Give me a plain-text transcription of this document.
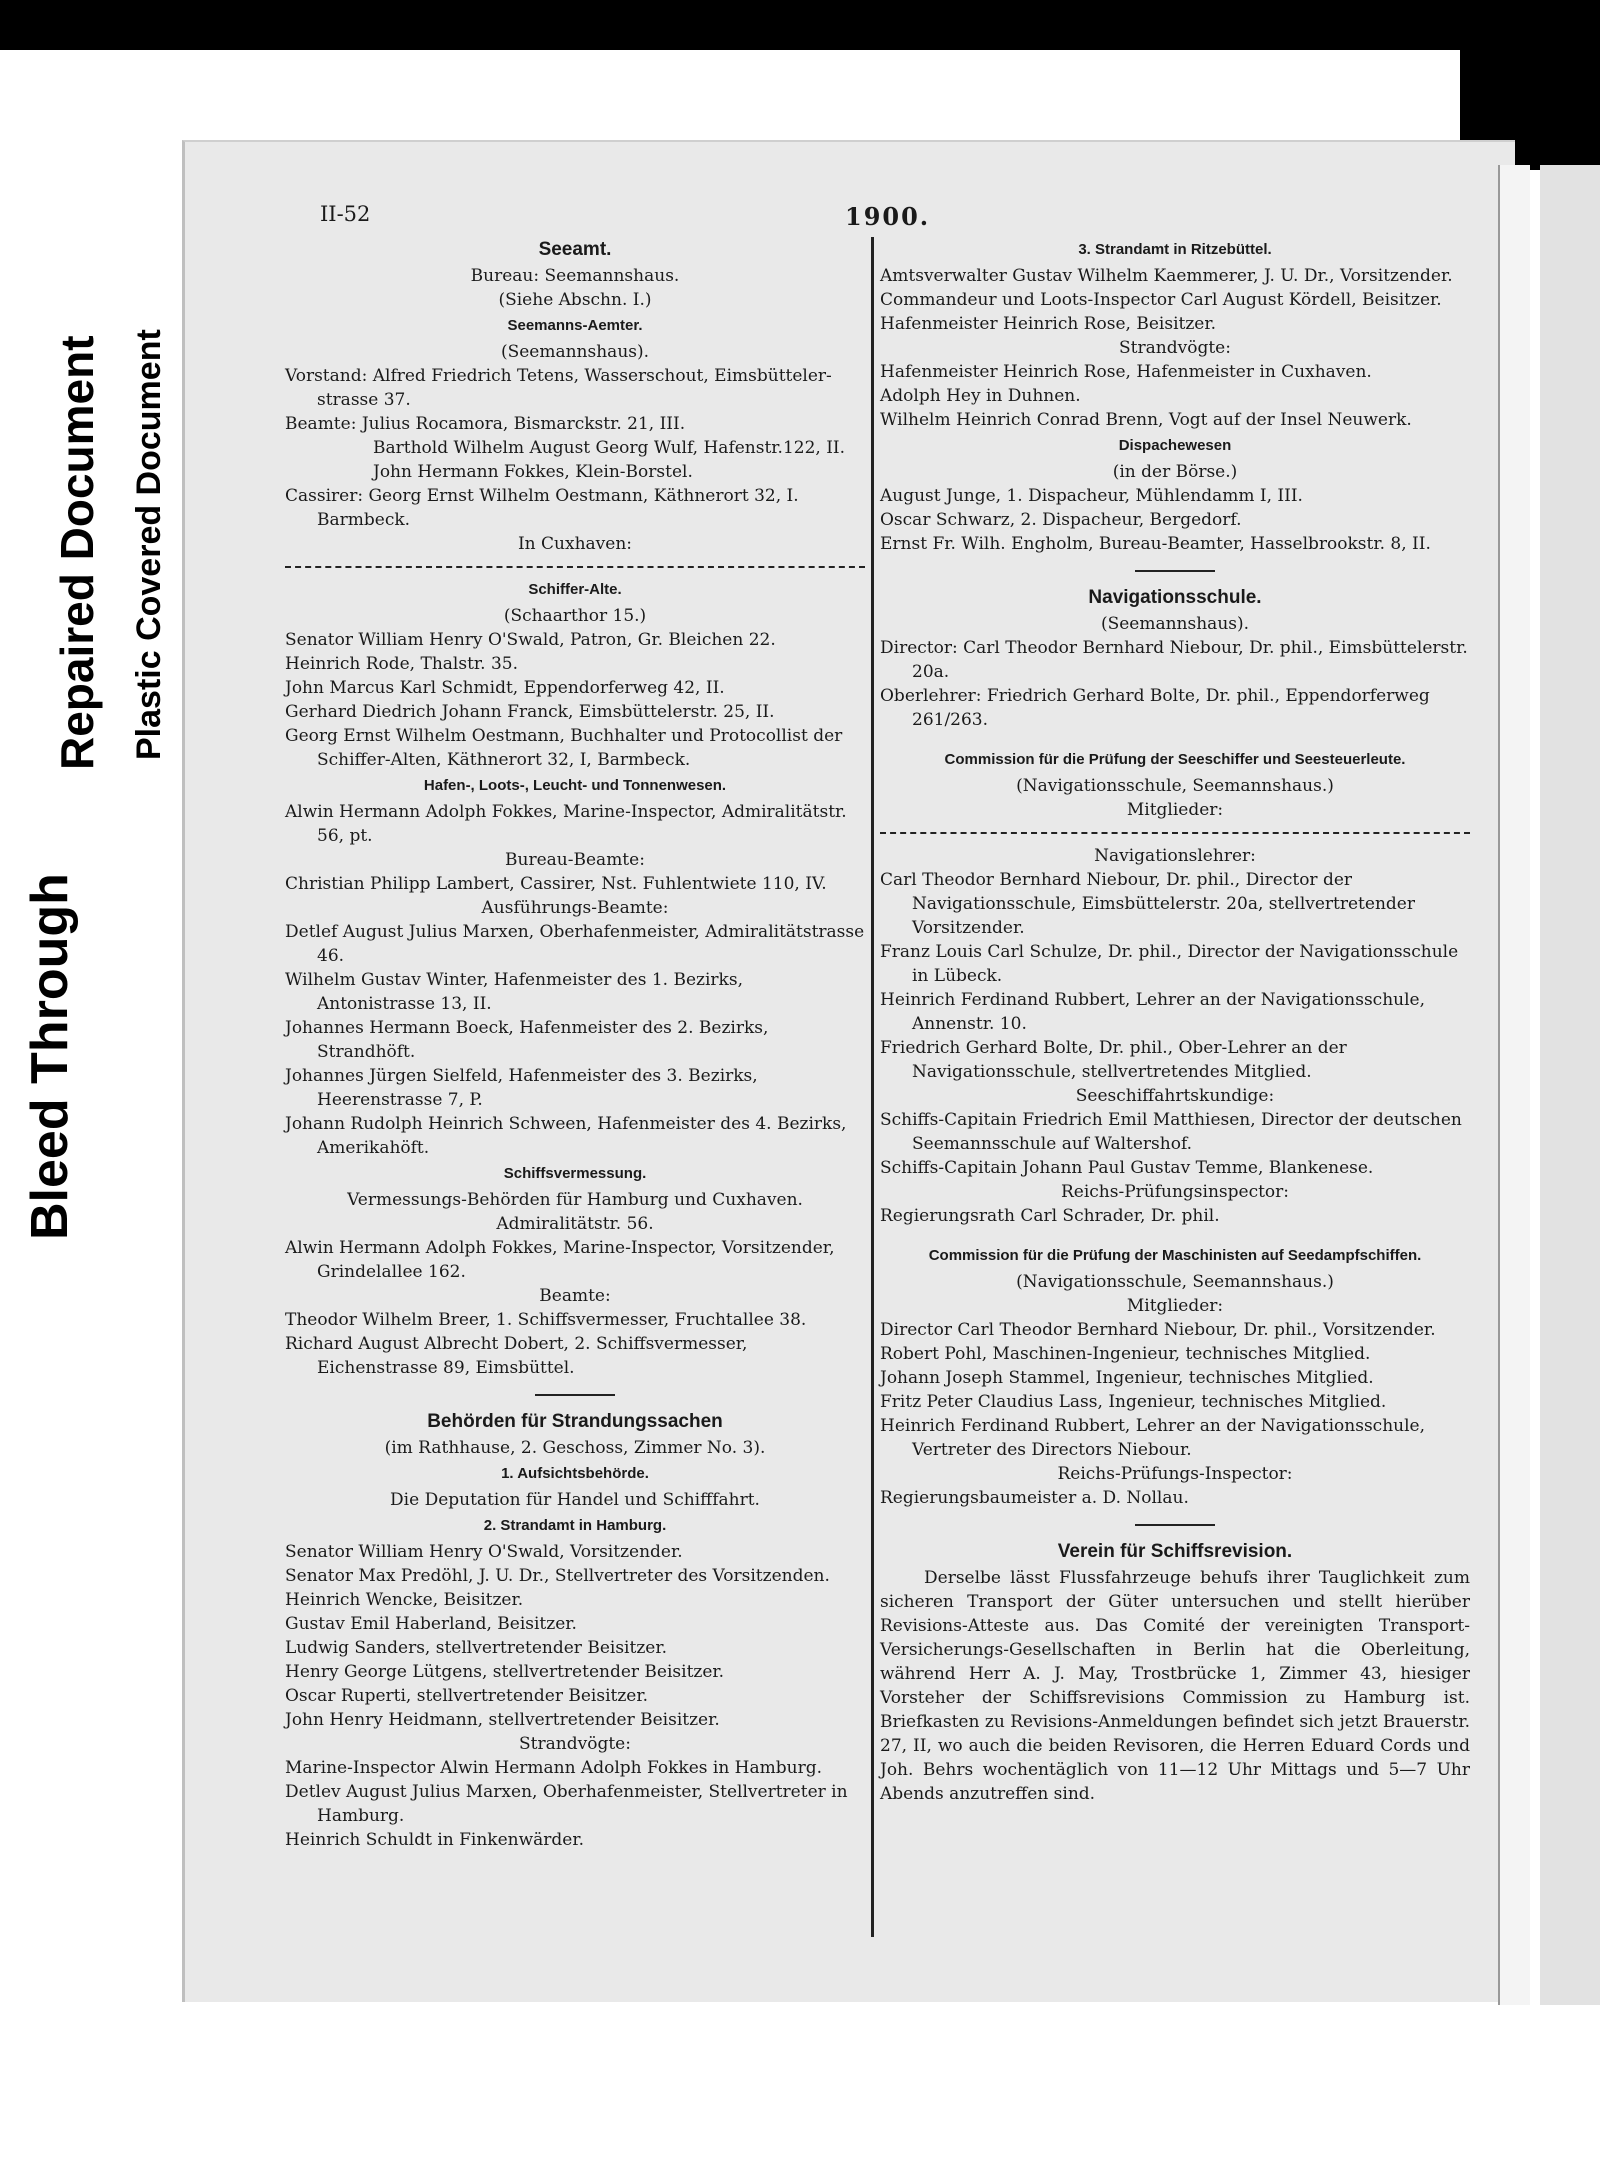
Bleed Through
Repaired Document Plastic Covered Document
II-52	1900.
Seeamt.
Bureau: Seemannshaus.
(Siehe Abschn. I.)
Seemanns-Aemter.
(Seemannshaus).
Vorstand: Alfred Friedrich Tetens, Wasserschout, Eimsbütteler-strasse 37.
Beamte: Julius Rocamora, Bismarckstr. 21, III.
Barthold Wilhelm August Georg Wulf, Hafenstr.122, II.
John Hermann Fokkes, Klein-Borstel.
Cassirer: Georg Ernst Wilhelm Oestmann, Käthnerort 32, I. Barmbeck.
In Cuxhaven:
Schiffer-Alte.
(Schaarthor 15.)
Senator William Henry O'Swald, Patron, Gr. Bleichen 22.
Heinrich Rode, Thalstr. 35.
John Marcus Karl Schmidt, Eppendorferweg 42, II.
Gerhard Diedrich Johann Franck, Eimsbüttelerstr. 25, II.
Georg Ernst Wilhelm Oestmann, Buchhalter und Protocollist der Schiffer-Alten, Käthnerort 32, I, Barmbeck.
Hafen-, Loots-, Leucht- und Tonnenwesen.
Alwin Hermann Adolph Fokkes, Marine-Inspector, Admiralitätstr. 56, pt.
Bureau-Beamte:
Christian Philipp Lambert, Cassirer, Nst. Fuhlentwiete 110, IV.
Ausführungs-Beamte:
Detlef August Julius Marxen, Oberhafenmeister, Admiralitätstrasse 46.
Wilhelm Gustav Winter, Hafenmeister des 1. Bezirks, Antonistrasse 13, II.
Johannes Hermann Boeck, Hafenmeister des 2. Bezirks, Strandhöft.
Johannes Jürgen Sielfeld, Hafenmeister des 3. Bezirks, Heerenstrasse 7, P.
Johann Rudolph Heinrich Schween, Hafenmeister des 4. Bezirks, Amerikahöft.
Schiffsvermessung.
Vermessungs-Behörden für Hamburg und Cuxhaven.
Admiralitätstr. 56.
Alwin Hermann Adolph Fokkes, Marine-Inspector, Vorsitzender, Grindelallee 162.
Beamte:
Theodor Wilhelm Breer, 1. Schiffsvermesser, Fruchtallee 38.
Richard August Albrecht Dobert, 2. Schiffsvermesser, Eichenstrasse 89, Eimsbüttel.
Behörden für Strandungssachen
(im Rathhause, 2. Geschoss, Zimmer No. 3).
1. Aufsichtsbehörde.
Die Deputation für Handel und Schifffahrt.
2. Strandamt in Hamburg.
Senator William Henry O'Swald, Vorsitzender.
Senator Max Predöhl, J. U. Dr., Stellvertreter des Vorsitzenden.
Heinrich Wencke, Beisitzer.
Gustav Emil Haberland, Beisitzer.
Ludwig Sanders, stellvertretender Beisitzer.
Henry George Lütgens, stellvertretender Beisitzer.
Oscar Ruperti, stellvertretender Beisitzer.
John Henry Heidmann, stellvertretender Beisitzer.
Strandvögte:
Marine-Inspector Alwin Hermann Adolph Fokkes in Hamburg.
Detlev August Julius Marxen, Oberhafenmeister, Stellvertreter in Hamburg.
Heinrich Schuldt in Finkenwärder.
3. Strandamt in Ritzebüttel.
Amtsverwalter Gustav Wilhelm Kaemmerer, J. U. Dr., Vorsitzender.
Commandeur und Loots-Inspector Carl August Kördell, Beisitzer.
Hafenmeister Heinrich Rose, Beisitzer.
Strandvögte:
Hafenmeister Heinrich Rose, Hafenmeister in Cuxhaven.
Adolph Hey in Duhnen.
Wilhelm Heinrich Conrad Brenn, Vogt auf der Insel Neuwerk.
Dispachewesen
(in der Börse.)
August Junge, 1. Dispacheur, Mühlendamm I, III.
Oscar Schwarz, 2. Dispacheur, Bergedorf.
Ernst Fr. Wilh. Engholm, Bureau-Beamter, Hasselbrookstr. 8, II.
Navigationsschule.
(Seemannshaus).
Director: Carl Theodor Bernhard Niebour, Dr. phil., Eimsbüttelerstr. 20a.
Oberlehrer: Friedrich Gerhard Bolte, Dr. phil., Eppendorferweg 261/263.
Commission für die Prüfung der Seeschiffer und Seesteuerleute.
(Navigationsschule, Seemannshaus.)
Mitglieder:
Navigationslehrer:
Carl Theodor Bernhard Niebour, Dr. phil., Director der Navigationsschule, Eimsbüttelerstr. 20a, stellvertretender Vorsitzender.
Franz Louis Carl Schulze, Dr. phil., Director der Navigationsschule in Lübeck.
Heinrich Ferdinand Rubbert, Lehrer an der Navigationsschule, Annenstr. 10.
Friedrich Gerhard Bolte, Dr. phil., Ober-Lehrer an der Navigationsschule, stellvertretendes Mitglied.
Seeschiffahrtskundige:
Schiffs-Capitain Friedrich Emil Matthiesen, Director der deutschen Seemannsschule auf Waltershof.
Schiffs-Capitain Johann Paul Gustav Temme, Blankenese.
Reichs-Prüfungsinspector:
Regierungsrath Carl Schrader, Dr. phil.
Commission für die Prüfung der Maschinisten auf Seedampfschiffen.
(Navigationsschule, Seemannshaus.)
Mitglieder:
Director Carl Theodor Bernhard Niebour, Dr. phil., Vorsitzender.
Robert Pohl, Maschinen-Ingenieur, technisches Mitglied.
Johann Joseph Stammel, Ingenieur, technisches Mitglied.
Fritz Peter Claudius Lass, Ingenieur, technisches Mitglied.
Heinrich Ferdinand Rubbert, Lehrer an der Navigationsschule, Vertreter des Directors Niebour.
Reichs-Prüfungs-Inspector:
Regierungsbaumeister a. D. Nollau.
Verein für Schiffsrevision.
Derselbe lässt Flussfahrzeuge behufs ihrer Tauglichkeit zum sicheren Transport der Güter untersuchen und stellt hierüber Revisions-Atteste aus. Das Comité der vereinigten Transport-Versicherungs-Gesellschaften in Berlin hat die Oberleitung, während Herr A. J. May, Trostbrücke 1, Zimmer 43, hiesiger Vorsteher der Schiffsrevisions Commission zu Hamburg ist. Briefkasten zu Revisions-Anmeldungen befindet sich jetzt Brauerstr. 27, II, wo auch die beiden Revisoren, die Herren Eduard Cords und Joh. Behrs wochentäglich von 11—12 Uhr Mittags und 5—7 Uhr Abends anzutreffen sind.
